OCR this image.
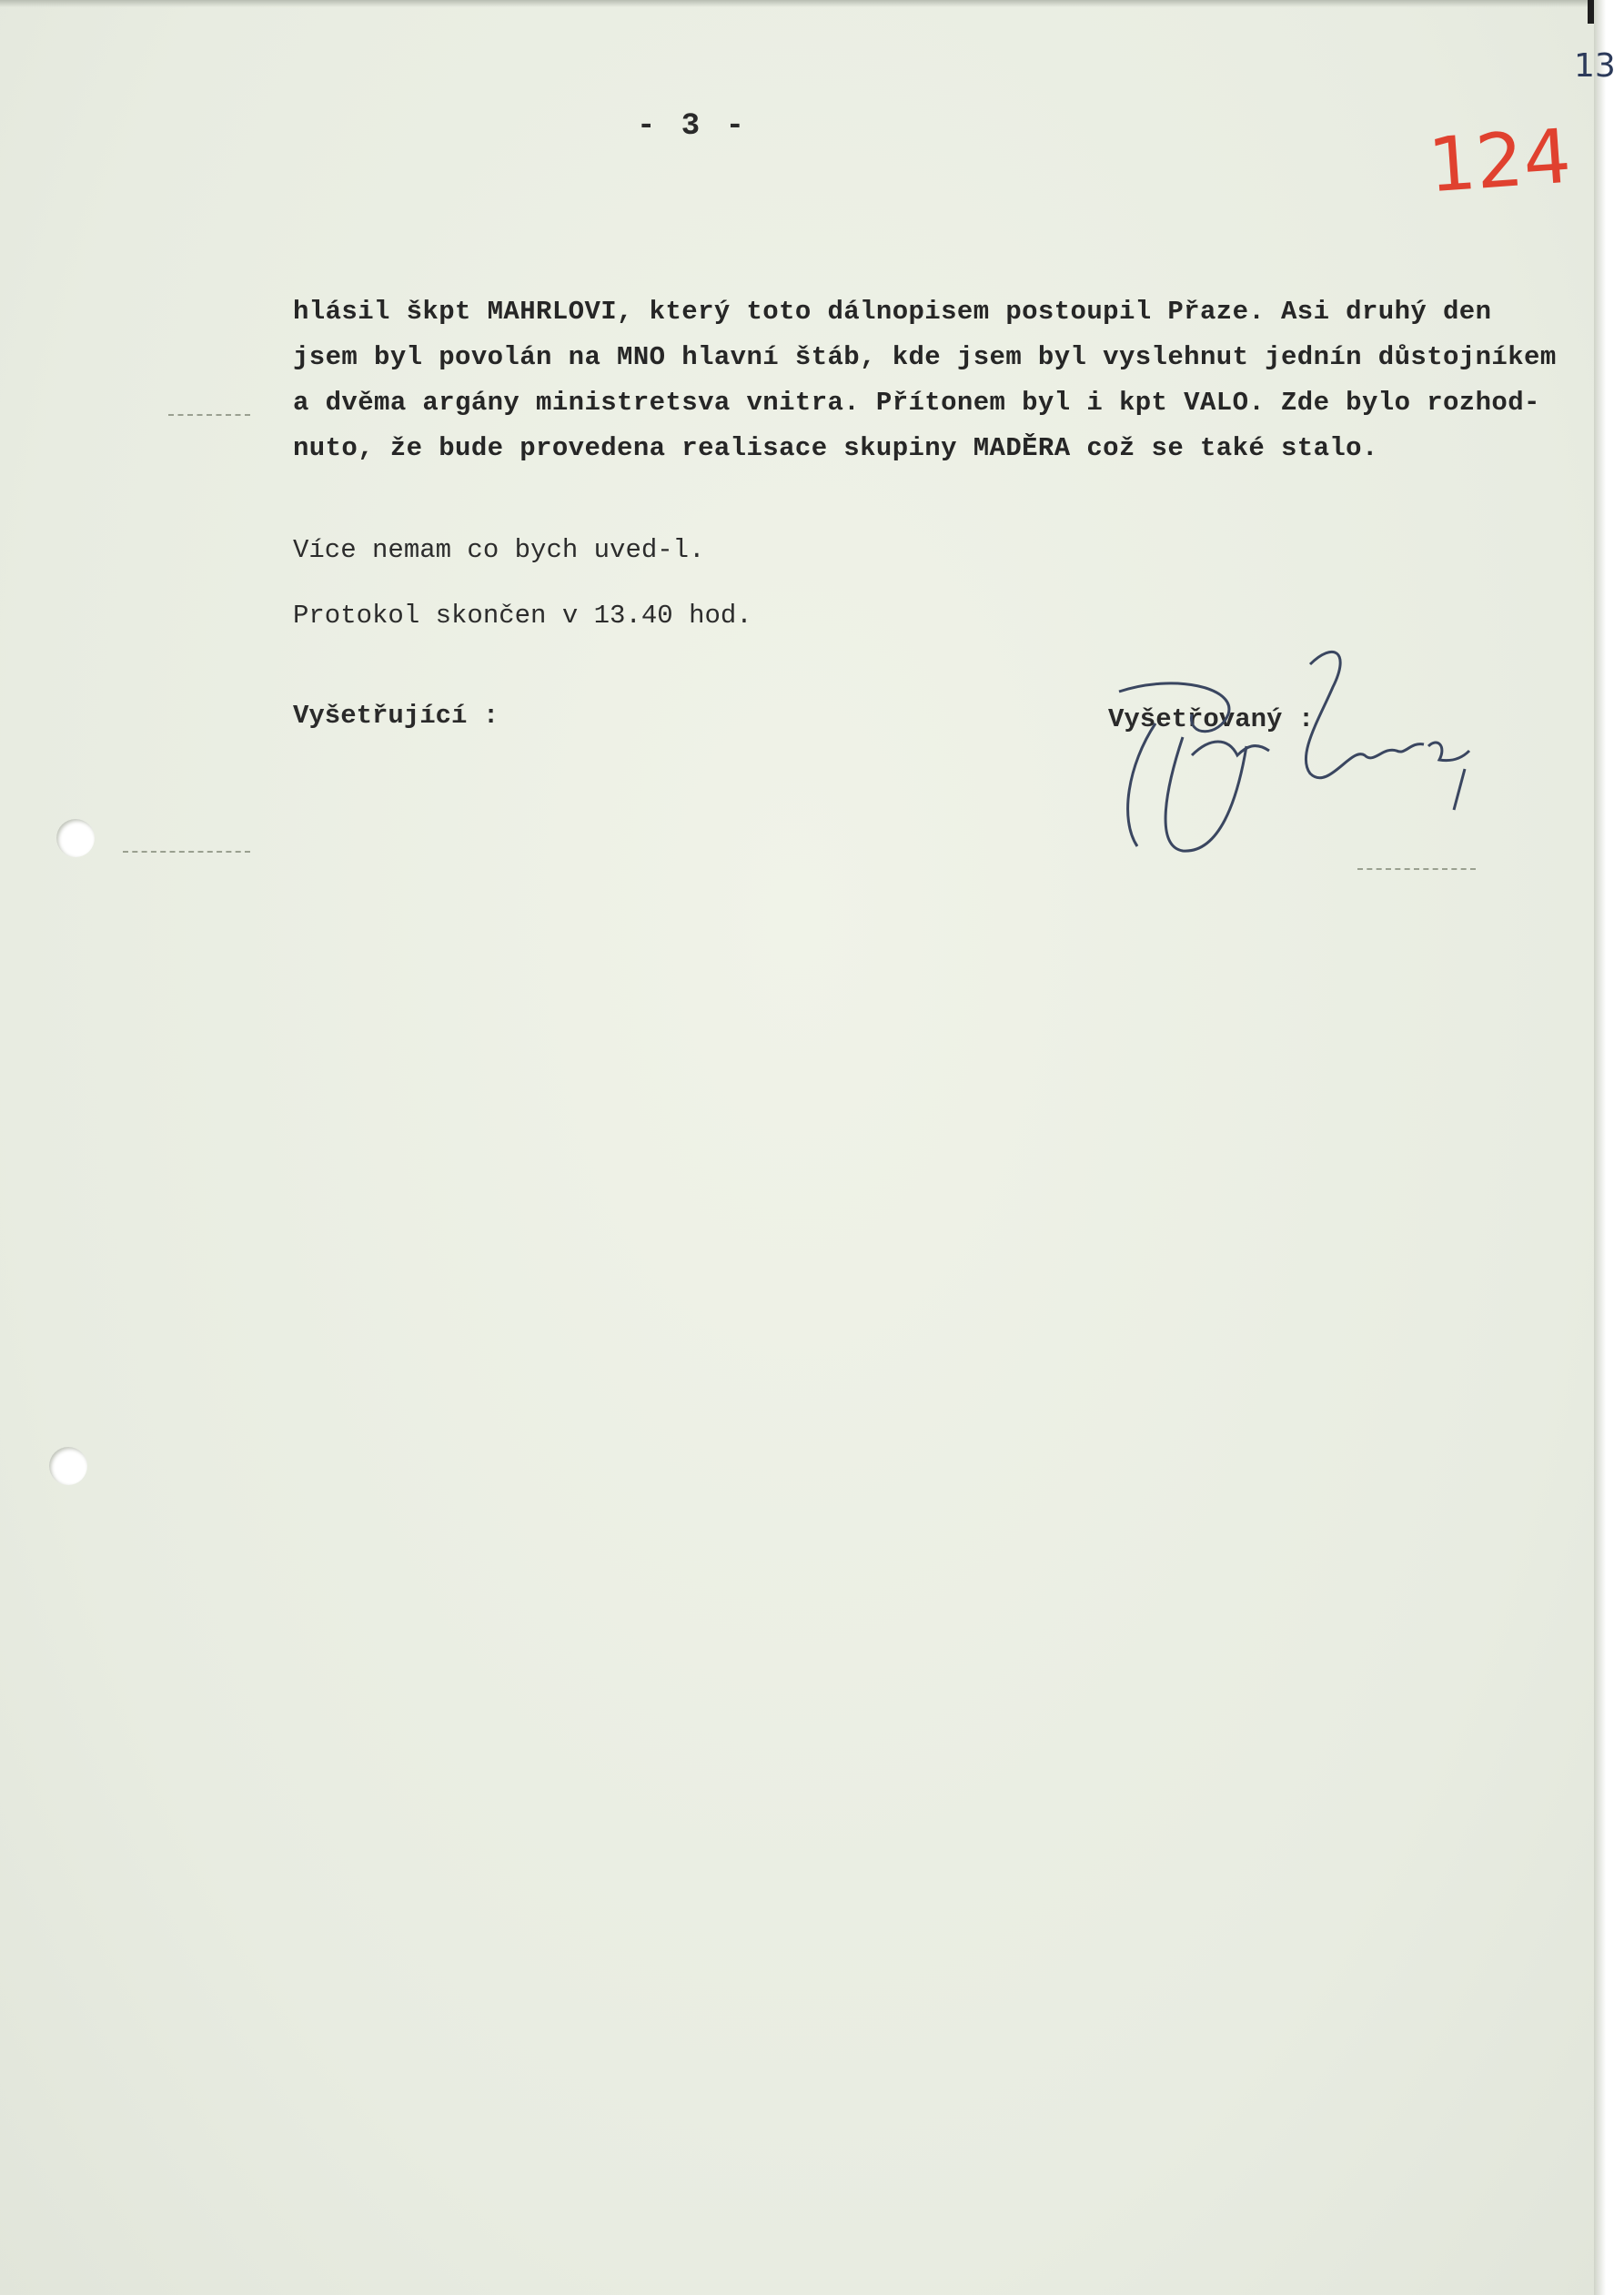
- 3 -
13
124
hlásil škpt MAHRLOVI, který toto dálnopisem postoupil Přaze. Asi druhý den
jsem byl povolán na MNO hlavní štáb, kde jsem byl vyslehnut jednín důstojníkem
a dvěma argány ministretsva vnitra. Přítonem byl i kpt VALO. Zde bylo rozhod-
nuto, že bude provedena realisace skupiny MADĚRA což se také stalo.
Více nemam co bych uved-l.
Protokol skončen v 13.40 hod.
Vyšetřující :	Vyšetřovaný :
